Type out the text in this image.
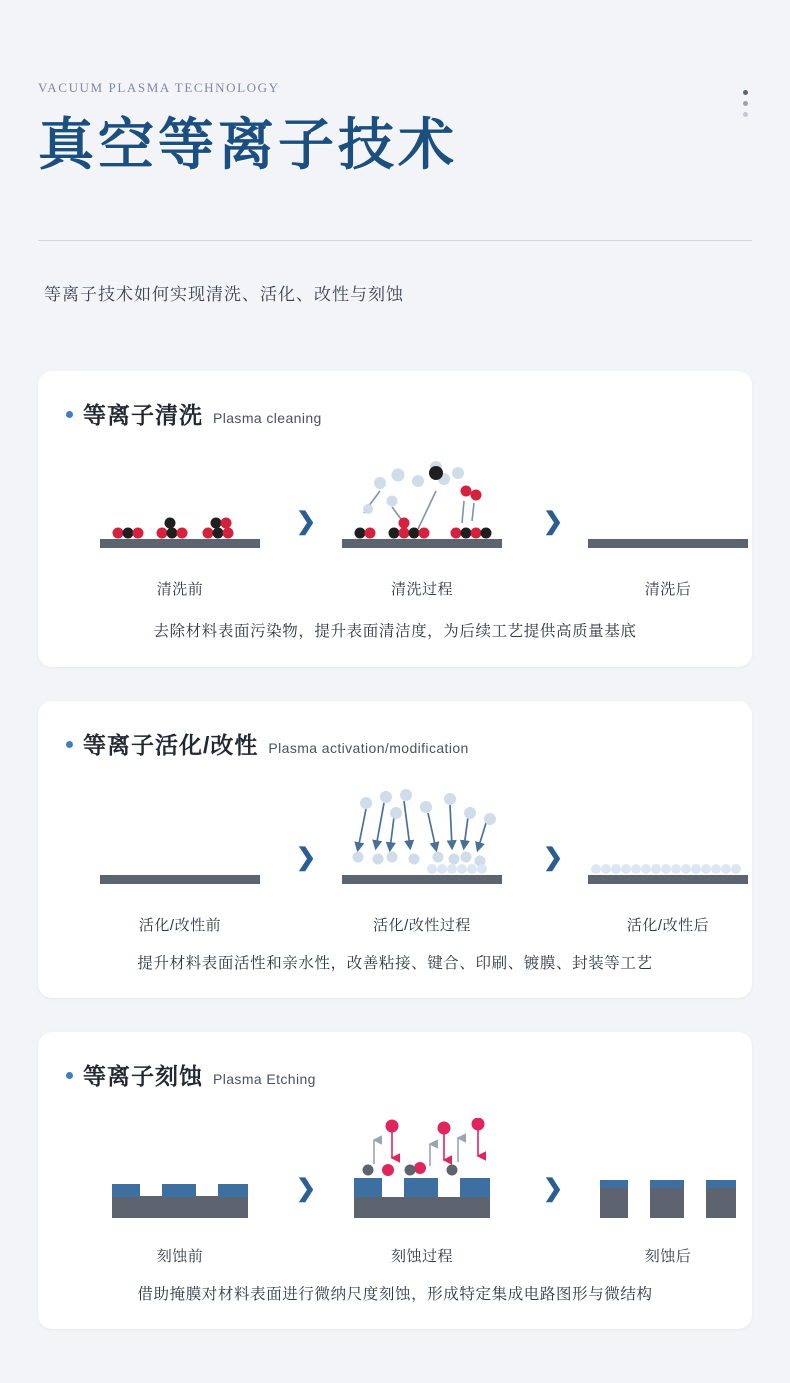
VACUUM PLASMA TECHNOLOGY

真空等离子技术
等离子技术如何实现清洗、活化、改性与刻蚀
等离子清洗 Plasma cleaning
清洗前
❯
清洗过程
❯
清洗后
去除材料表面污染物，提升表面清洁度，为后续工艺提供高质量基底
等离子活化/改性 Plasma activation/modification
活化/改性前
❯
活化/改性过程
❯
活化/改性后
提升材料表面活性和亲水性，改善粘接、键合、印刷、镀膜、封装等工艺
等离子刻蚀 Plasma Etching
刻蚀前
❯
刻蚀过程
❯
刻蚀后
借助掩膜对材料表面进行微纳尺度刻蚀，形成特定集成电路图形与微结构
